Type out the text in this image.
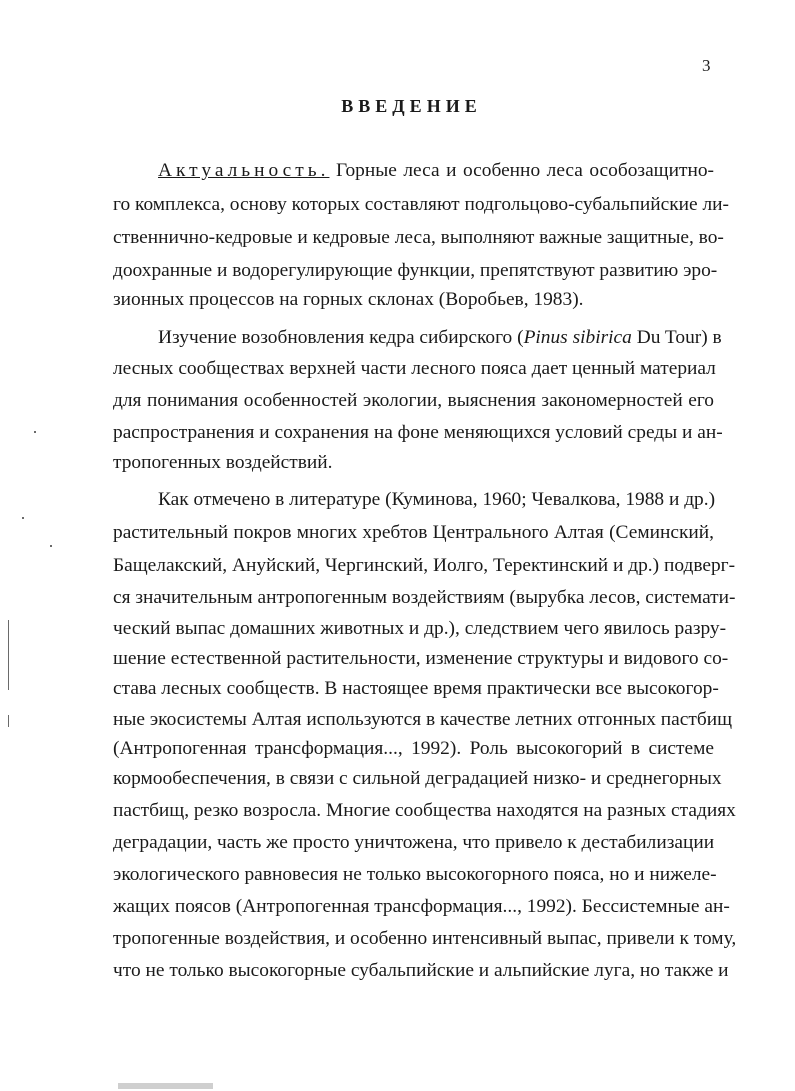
3
ВВЕДЕНИЕ
Актуальность. Горные леса и особенно леса особозащитно-
го комплекса, основу которых составляют подгольцово-субальпийские ли-
ственнично-кедровые и кедровые леса, выполняют важные защитные, во-
доохранные и водорегулирующие функции, препятствуют развитию эро-
зионных процессов на горных склонах (Воробьев, 1983).
Изучение возобновления кедра сибирского (Pinus sibirica Du Tour) в
лесных сообществах верхней части лесного пояса дает ценный материал
для понимания особенностей экологии, выяснения закономерностей его
распространения и сохранения на фоне меняющихся условий среды и ан-
тропогенных воздействий.
Как отмечено в литературе (Куминова, 1960; Чевалкова, 1988 и др.)
растительный покров многих хребтов Центрального Алтая (Семинский,
Бащелакский, Ануйский, Чергинский, Иолго, Теректинский и др.) подверг-
ся значительным антропогенным воздействиям (вырубка лесов, системати-
ческий выпас домашних животных и др.), следствием чего явилось разру-
шение естественной растительности, изменение структуры и видового со-
става лесных сообществ. В настоящее время практически все высокогор-
ные экосистемы Алтая используются в качестве летних отгонных пастбищ
(Антропогенная трансформация..., 1992). Роль высокогорий в системе
кормообеспечения, в связи с сильной деградацией низко- и среднегорных
пастбищ, резко возросла. Многие сообщества находятся на разных стадиях
деградации, часть же просто уничтожена, что привело к дестабилизации
экологического равновесия не только высокогорного пояса, но и нижеле-
жащих поясов (Антропогенная трансформация..., 1992). Бессистемные ан-
тропогенные воздействия, и особенно интенсивный выпас, привели к тому,
что не только высокогорные субальпийские и альпийские луга, но также и
